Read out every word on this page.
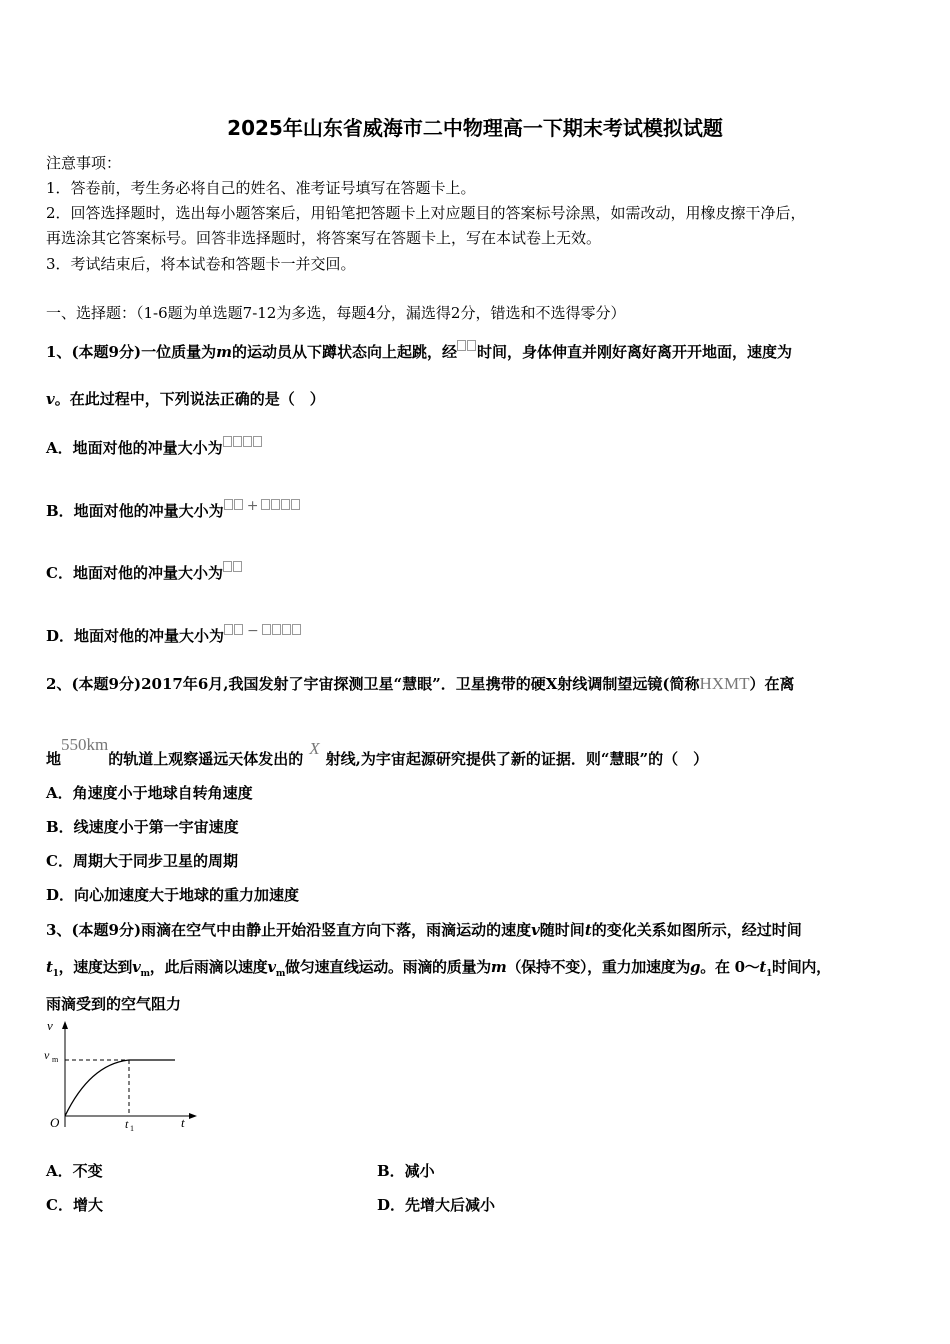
2025年山东省威海市二中物理高一下期末考试模拟试题
注意事项：
1．答卷前，考生务必将自己的姓名、准考证号填写在答题卡上。
2．回答选择题时，选出每小题答案后，用铅笔把答题卡上对应题目的答案标号涂黑，如需改动，用橡皮擦干净后，
再选涂其它答案标号。回答非选择题时，将答案写在答题卡上，写在本试卷上无效。
3．考试结束后，将本试卷和答题卡一并交回。
一、选择题：（1-6题为单选题7-12为多选，每题4分，漏选得2分，错选和不选得零分）
1、(本题9分)一位质量为m的运动员从下蹲状态向上起跳，经 时间，身体伸直并刚好离好离开开地面，速度为
v。在此过程中，下列说法正确的是（　）
A．地面对他的冲量大小为
B．地面对他的冲量大小为 +
C．地面对他的冲量大小为
D．地面对他的冲量大小为 −
2、(本题9分)2017年6月,我国发射了宇宙探测卫星“慧眼”．卫星携带的硬X射线调制望远镜(简称HXMT）在离
地550km的轨道上观察遥远天体发出的X射线,为宇宙起源研究提供了新的证据．则“慧眼”的（　）
A．角速度小于地球自转角速度
B．线速度小于第一宇宙速度
C．周期大于同步卫星的周期
D．向心加速度大于地球的重力加速度
3、(本题9分)雨滴在空气中由静止开始沿竖直方向下落，雨滴运动的速度v随时间t的变化关系如图所示，经过时间
$t_1$，速度达到$v_m$，此后雨滴以速度$v_m$做匀速直线运动。雨滴的质量为m（保持不变），重力加速度为g。在 $0\sim t_1$时间内，
雨滴受到的空气阻力
v
v m
O	t 1	t
A．不变	B．减小
C．增大	D．先增大后减小
